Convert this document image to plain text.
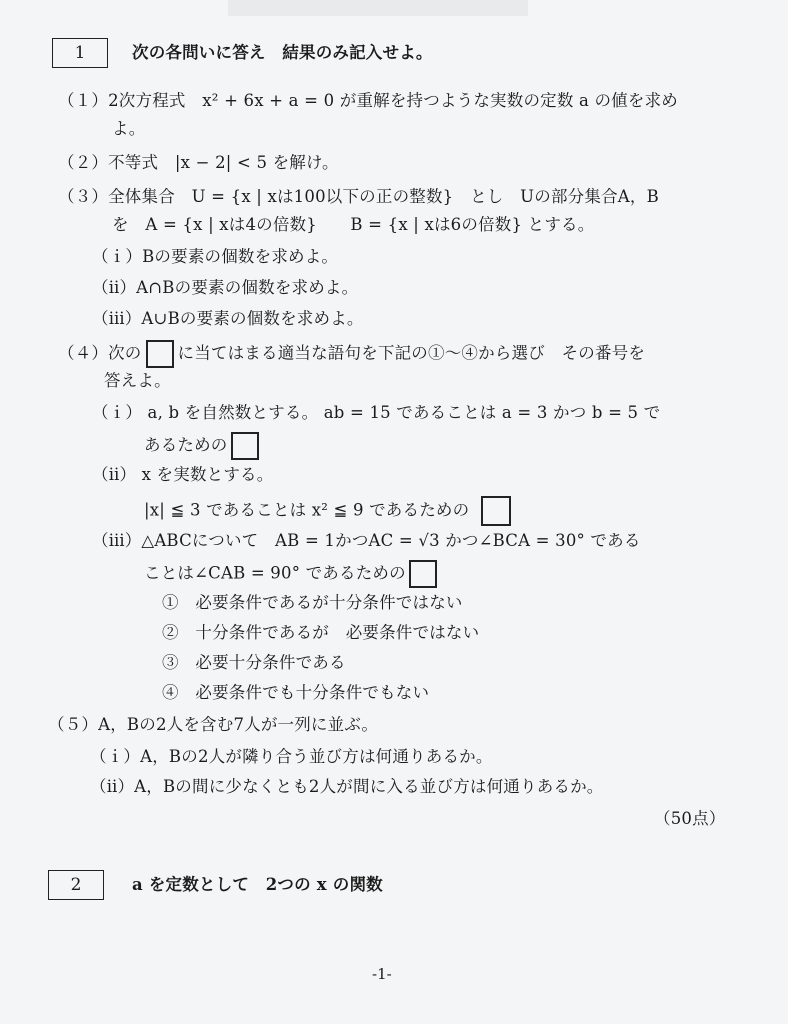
1	次の各問いに答え　結果のみ記入せよ。
（１）2次方程式　x² + 6x + a = 0 が重解を持つような実数の定数 a の値を求め
よ。
（２）不等式　|x − 2| < 5 を解け。
（３）全体集合　U = {x | xは100以下の正の整数}　とし　Uの部分集合A，B
を　A = {x | xは4の倍数}　　B = {x | xは6の倍数} とする。
（ｉ）Bの要素の個数を求めよ。
（ⅱ）A∩Bの要素の個数を求めよ。
（ⅲ）A∪Bの要素の個数を求めよ。
（４）次の に当てはまる適当な語句を下記の①～④から選び　その番号を
答えよ。
（ｉ） a, b を自然数とする。 ab = 15 であることは a = 3 かつ b = 5 で
あるための
（ⅱ） x を実数とする。
|x| ≦ 3 であることは x² ≦ 9 であるための
（ⅲ）△ABCについて　AB = 1かつAC = √3 かつ∠BCA = 30° である
ことは∠CAB = 90° であるための
①　必要条件であるが十分条件ではない
②　十分条件であるが　必要条件ではない
③　必要十分条件である
④　必要条件でも十分条件でもない
（５）A，Bの2人を含む7人が一列に並ぶ。
（ｉ）A，Bの2人が隣り合う並び方は何通りあるか。
（ⅱ）A，Bの間に少なくとも2人が間に入る並び方は何通りあるか。
（50点）
2	a を定数として　2つの x の関数
-1-
